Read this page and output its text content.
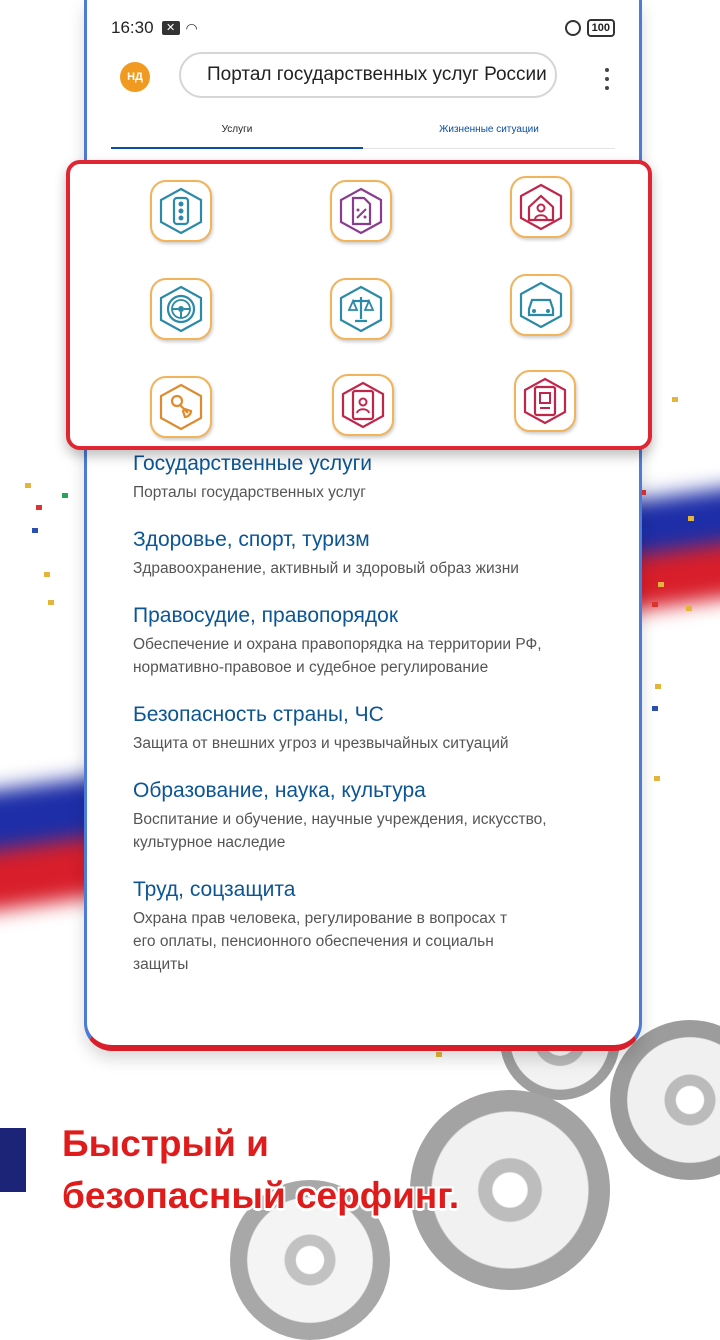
16:30	✕ ◠	100
НД	Портал государственных услуг России
Услуги	Жизненные ситуации
Государственные услуги
Порталы государственных услуг
Здоровье, спорт, туризм
Здравоохранение, активный и здоровый образ жизни
Правосудие, правопорядок
Обеспечение и охрана правопорядка на территории РФ,
нормативно-правовое и судебное регулирование
Безопасность страны, ЧС
Защита от внешних угроз и чрезвычайных ситуаций
Образование, наука, культура
Воспитание и обучение, научные учреждения, искусство,
культурное наследие
Труд, соцзащита
Охрана прав человека, регулирование в вопросах т
его оплаты, пенсионного обеспечения и социальн
защиты
Быстрый и
безопасный серфинг.
